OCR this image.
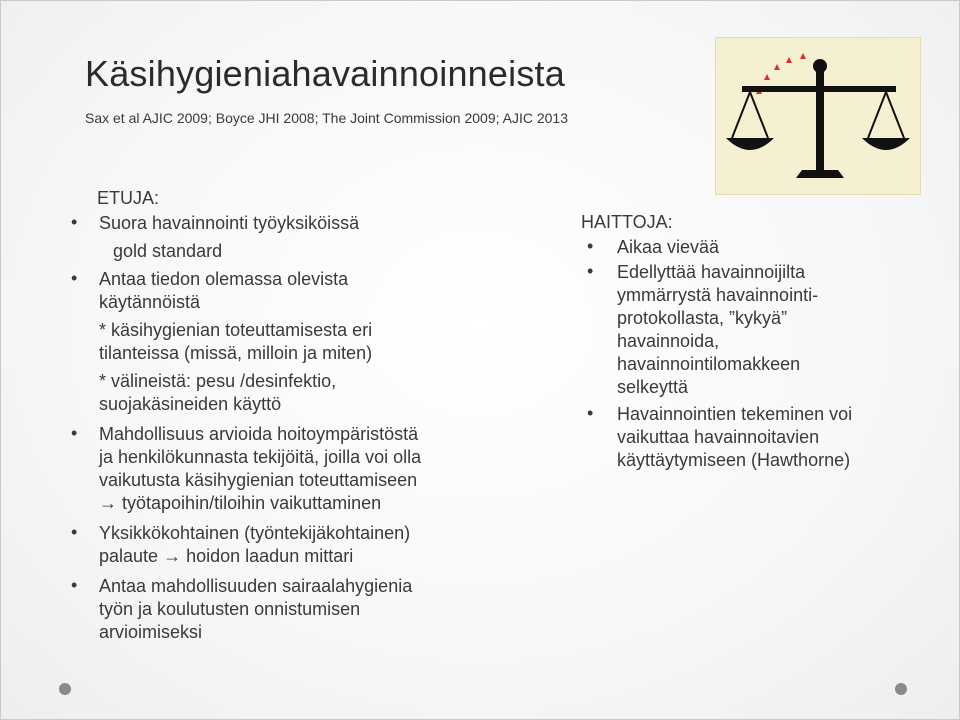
Käsihygieniahavainnoinneista
Sax et al AJIC 2009; Boyce JHI 2008; The Joint Commission 2009; AJIC 2013
ETUJA:
• Suora havainnointi työyksiköissä
gold standard
• Antaa tiedon olemassa olevista
käytännöistä
* käsihygienian toteuttamisesta eri
tilanteissa (missä, milloin ja miten)
* välineistä: pesu /desinfektio,
suojakäsineiden käyttö
• Mahdollisuus arvioida hoitoympäristöstä
ja henkilökunnasta tekijöitä, joilla voi olla
vaikutusta käsihygienian toteuttamiseen
→ työtapoihin/tiloihin vaikuttaminen
• Yksikkökohtainen (työntekijäkohtainen)
palaute → hoidon laadun mittari
• Antaa mahdollisuuden sairaalahygienia
työn ja koulutusten onnistumisen
arvioimiseksi
HAITTOJA:
• Aikaa vievää
• Edellyttää havainnoijilta
ymmärrystä havainnointi-
protokollasta, ”kykyä”
havainnoida,
havainnointilomakkeen
selkeyttä
• Havainnointien tekeminen voi
vaikuttaa havainnoitavien
käyttäytymiseen (Hawthorne)
